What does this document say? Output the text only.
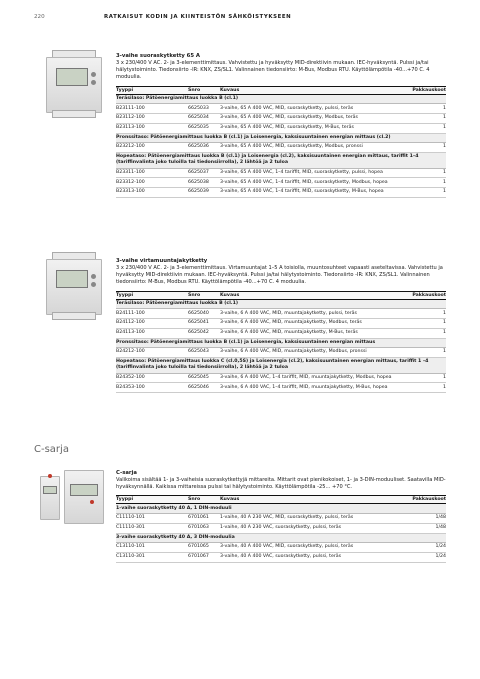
220	RATKAISUT KODIN JA KIINTEISTÖN SÄHKÖISTYKSEEN
C-sarja
3-vaihe suoraskytketty 65 A
3 x 230/400 V AC. 2- ja 3-elementtimittaus. Vahvistettu ja hyväksytty MID-direktiivin mukaan. IEC-hyväksyntä. Pulssi ja/tai hälytystoiminto. Tiedonsiirto -IR: KNX, ZS/SL1. Valinnainen tiedonsiirto: M-Bus, Modbus RTU. Käyttölämpötila -40...+70 C. 4 moduulia.
Tyyppi	Snro	Kuvaus	Pakkauskoot
Teräsilaso: Pätöenergiamittaus luokka B (cl.1)
B23111-100	6625033	3-vaihe, 65 A 400 VAC, MID, suoraskytketty, pulssi, teräs	1
B23112-100	6625034	3-vaihe, 65 A 400 VAC, MID, suoraskytketty, Modbus, teräs	1
B23113-100	6625035	3-vaihe, 65 A 400 VAC, MID, suoraskytketty, M-Bus, teräs	1
Pronssitaso: Pätöenergiamittaus luokka B (cl.1) ja Loisenergia, kaksisuuntainen energian mittaus (cl.2)
B23212-100	6625036	3-vaihe, 65 A 400 VAC, MID, suoraskytketty, Modbus, pronssi	1
Hopeataso: Pätöenergiamittaus luokka B (cl.1) ja Loisenergia (cl.2), kaksisuuntainen energian mittaus, tariffit 1–4 (tariffinvalinta joko tuloilla tai tiedonsiirrolla), 2 lähtöä ja 2 tuloa
B23311-100	6625037	3-vaihe, 65 A 400 VAC, 1–4 tariffit, MID, suoraskytketty, pulssi, hopea	1
B23312-100	6625038	3-vaihe, 65 A 400 VAC, 1–4 tariffit, MID, suoraskytketty, Modbus, hopea	1
B23313-100	6625039	3-vaihe, 65 A 400 VAC, 1–4 tariffit, MID, suoraskytketty, M-Bus, hopea	1
3-vaihe virtamuuntajakytketty
3 x 230/400 V AC. 2- ja 3-elementtimittaus. Virtamuuntajat 1–5 A toisiolla, muuntosuhteet vapaasti aseteltavissa. Vahvistettu ja hyväksytty MID-direktiivin mukaan. IEC-hyväksyntä. Pulssi ja/tai hälytystoiminto. Tiedonsiirto -IR: KNX, ZS/SL1. Valinnainen tiedonsiirto: M-Bus, Modbus RTU. Käyttölämpötila -40...+70 C. 4 moduulia.
Tyyppi	Snro	Kuvaus	Pakkauskoot
Teräsilaso: Pätöenergiamittaus luokka B (cl.1)
B24111-100	6625040	3-vaihe, 6 A 400 VAC, MID, muuntajakytketty, pulssi, teräs	1
B24112-100	6625041	3-vaihe, 6 A 400 VAC, MID, muuntajakytketty, Modbus, teräs	1
B24113-100	6625042	3-vaihe, 6 A 400 VAC, MID, muuntajakytketty, M-Bus, teräs	1
Pronssitaso: Pätöenergiamittaus luokka B (cl.1) ja Loisenergia, kaksisuuntainen energian mittaus
B24212-100	6625043	3-vaihe, 6 A 400 VAC, MID, muuntajakytketty, Modbus, pronssi	1
Hopeataso: Pätöenergiamittaus luokka C (cl.0,5S) ja Loisenergia (cl.2), kaksisuuntainen energian mittaus, tariffit 1 –4 (tariffinvalinta joko tuloilla tai tiedonsiirrolla), 2 lähtöä ja 2 tuloa
B24352-100	6625045	3-vaihe, 6 A 400 VAC, 1–4 tariffit, MID, muuntajakytketty, Modbus, hopea	1
B24353-100	6625046	3-vaihe, 6 A 400 VAC, 1–4 tariffit, MID, muuntajakytketty, M-Bus, hopea	1
C-sarja
Valikoima sisältää 1- ja 3-vaiheisia suoraskytkettyjä mittareita. Mittarit ovat pienikokoiset, 1- ja 3-DIN-moduuliset. Saatavilla MID-hyväksynnällä. Kaikissa mittareissa pulssi tai hälytystoiminto. Käyttölämpötila -25... +70 °C.
Tyyppi	Snro	Kuvaus	Pakkauskoot
1-vaihe suoraskytketty 40 A, 1 DIN-moduuli
C11110-101	6701061	1-vaihe, 40 A 230 VAC, MID, suoraskytketty, pulssi, teräs	1/48
C11110-301	6701063	1-vaihe, 40 A 230 VAC, suoraskytketty, pulssi, teräs	1/48
3-vaihe suoraskytketty 40 A, 3 DIN-moduulia
C13110-101	6701065	3-vaihe, 40 A 400 VAC, MID, suoraskytketty, pulssi, teräs	1/24
C13110-301	6701067	3-vaihe, 40 A 400 VAC, suoraskytketty, pulssi, teräs	1/24
